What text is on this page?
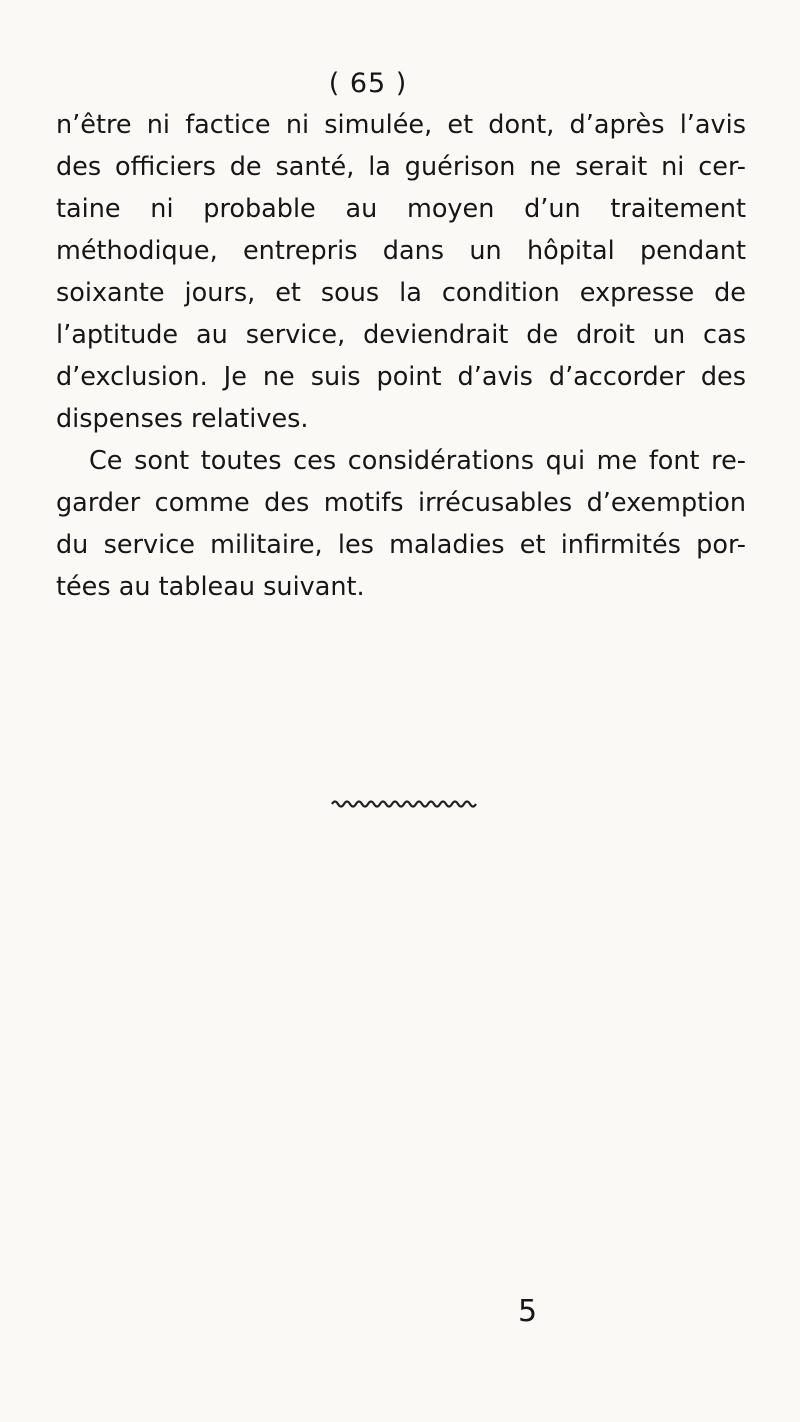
( 65 )
n’être ni factice ni simulée, et dont, d’après l’avis
des officiers de santé, la guérison ne serait ni cer-
taine ni probable au moyen d’un traitement
méthodique, entrepris dans un hôpital pendant
soixante jours, et sous la condition expresse de
l’aptitude au service, deviendrait de droit un cas
d’exclusion. Je ne suis point d’avis d’accorder des
dispenses relatives.
Ce sont toutes ces considérations qui me font re-
garder comme des motifs irrécusables d’exemption
du service militaire, les maladies et infirmités por-
tées au tableau suivant.
5
